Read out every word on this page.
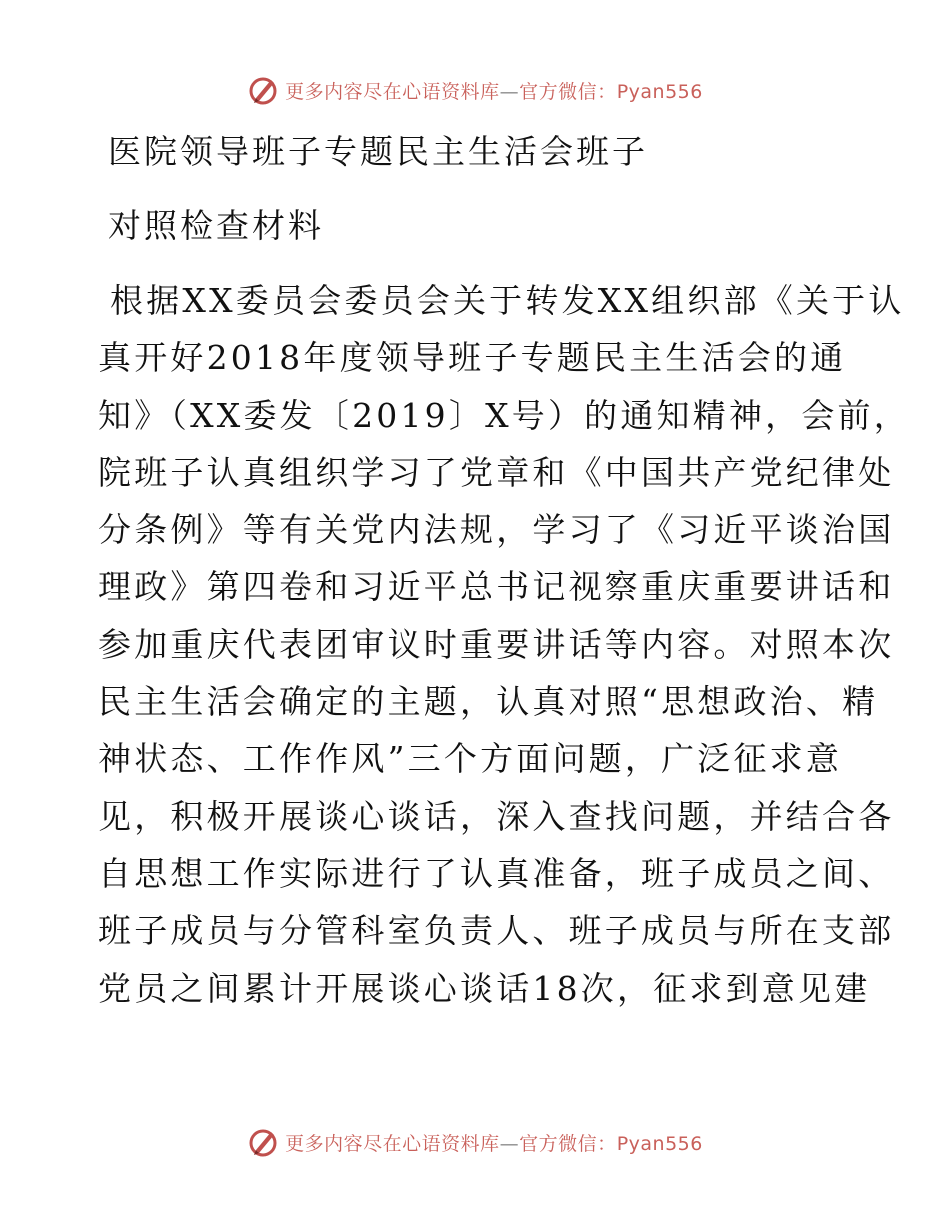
更多内容尽在心语资料库—官方微信：Pyan556
医院领导班子专题民主生活会班子
对照检查材料
根据XX委员会委员会关于转发XX组织部《关于认
真开好2018年度领导班子专题民主生活会的通
知》（XX委发〔2019〕X号）的通知精神，会前，
院班子认真组织学习了党章和《中国共产党纪律处
分条例》等有关党内法规，学习了《习近平谈治国
理政》第四卷和习近平总书记视察重庆重要讲话和
参加重庆代表团审议时重要讲话等内容。对照本次
民主生活会确定的主题，认真对照“思想政治、精
神状态、工作作风”三个方面问题，广泛征求意
见，积极开展谈心谈话，深入查找问题，并结合各
自思想工作实际进行了认真准备，班子成员之间、
班子成员与分管科室负责人、班子成员与所在支部
党员之间累计开展谈心谈话18次，征求到意见建
更多内容尽在心语资料库—官方微信：Pyan556
